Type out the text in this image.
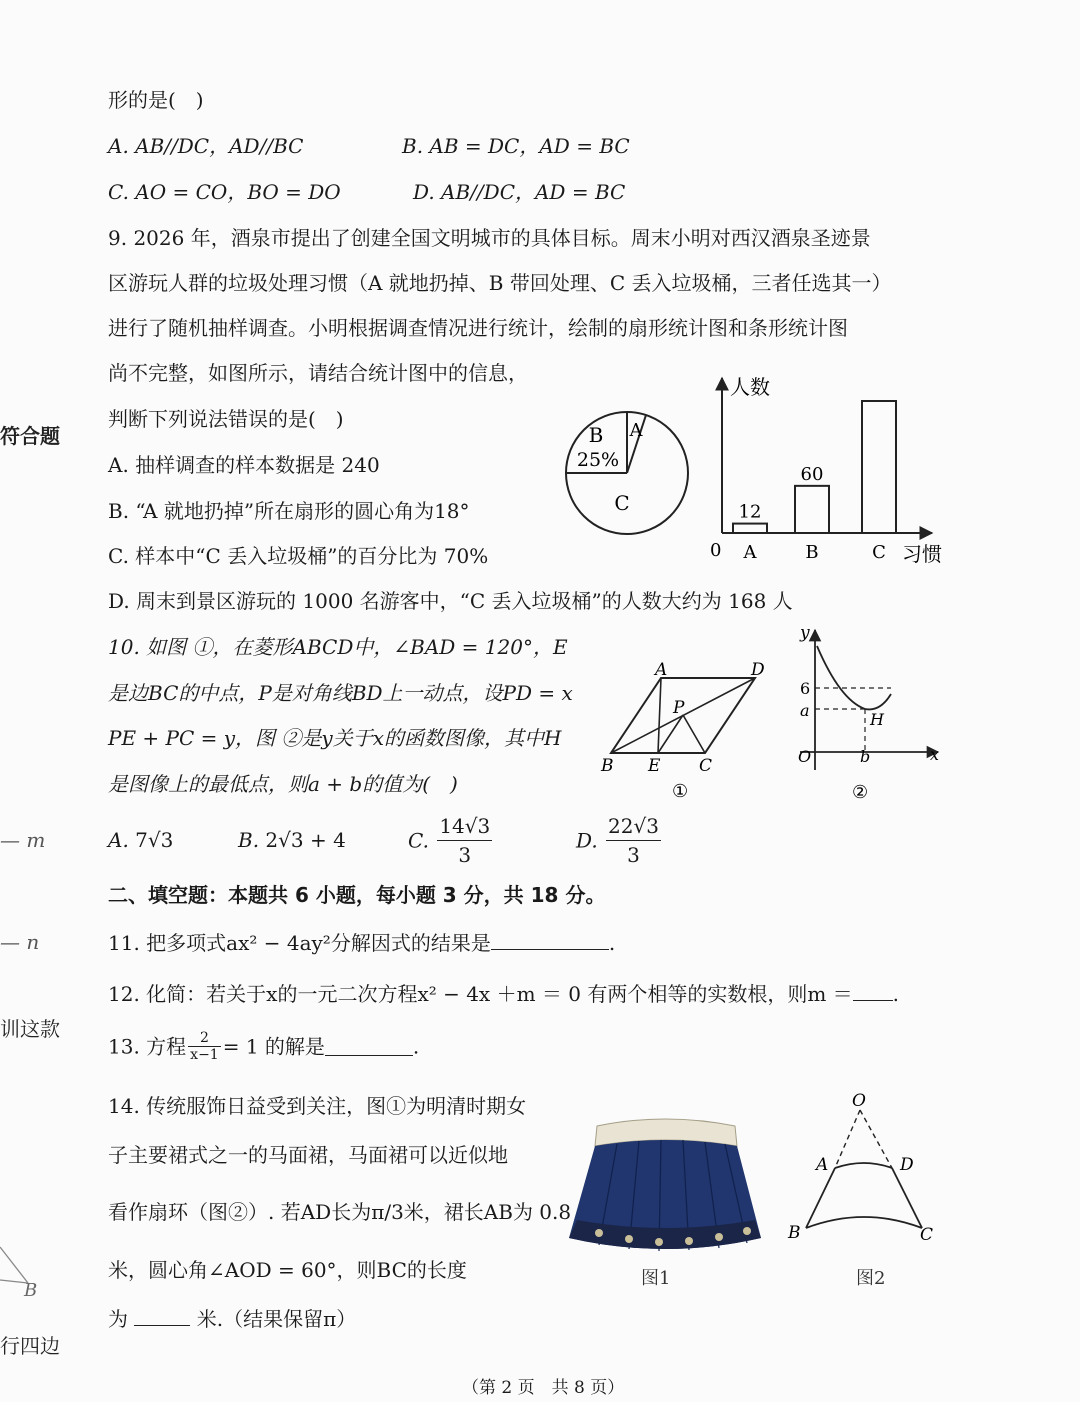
形的是(　)
A. AB//DC，AD//BC	B. AB = DC，AD = BC
C. AO = CO，BO = DO	D. AB//DC，AD = BC
9. 2026 年，酒泉市提出了创建全国文明城市的具体目标。周末小明对西汉酒泉圣迹景
区游玩人群的垃圾处理习惯（A 就地扔掉、B 带回处理、C 丢入垃圾桶，三者任选其一）
进行了随机抽样调查。小明根据调查情况进行统计，绘制的扇形统计图和条形统计图
尚不完整，如图所示，请结合统计图中的信息，
判断下列说法错误的是(　)
A. 抽样调查的样本数据是 240
B. “A 就地扔掉”所在扇形的圆心角为18°
C. 样本中“C 丢入垃圾桶”的百分比为 70%
D. 周末到景区游玩的 1000 名游客中，“C 丢入垃圾桶”的人数大约为 168 人
B
25%
A
C
人数
0	习惯
A
12
B
60
C
10. 如图 ①，在菱形ABCD中，∠BAD = 120°，E
是边BC的中点，P是对角线BD上一动点，设PD = x
PE + PC = y，图 ②是y关于x的函数图像，其中H
是图像上的最低点，则a + b的值为(　)
A	D
P
B E C
①
y
6
a	H
O	b	x
②
A. 7√3	B. 2√3 + 4	C. $\frac{14√3}{3}$	D. $\frac{22√3}{3}$
二、填空题：本题共 6 小题，每小题 3 分，共 18 分。
11. 把多项式ax² − 4ay²分解因式的结果是	.
12. 化简：若关于x的一元二次方程x² − 4x ＋m ＝ 0 有两个相等的实数根，则m ＝ .
13. 方程 $\frac{2}{x-1} = 1$ 的解是	.
14. 传统服饰日益受到关注，图①为明清时期女
子主要裙式之一的马面裙，马面裙可以近似地
看作扇环（图②）. 若AD长为π/3米，裙长AB为 0.8
米，圆心角∠AOD = 60°，则BC的长度
为	米.（结果保留π）
图1
O
A	D
B	C
图2
符合题
— m
— n
训这款
B
行四边
（第 2 页　共 8 页）
